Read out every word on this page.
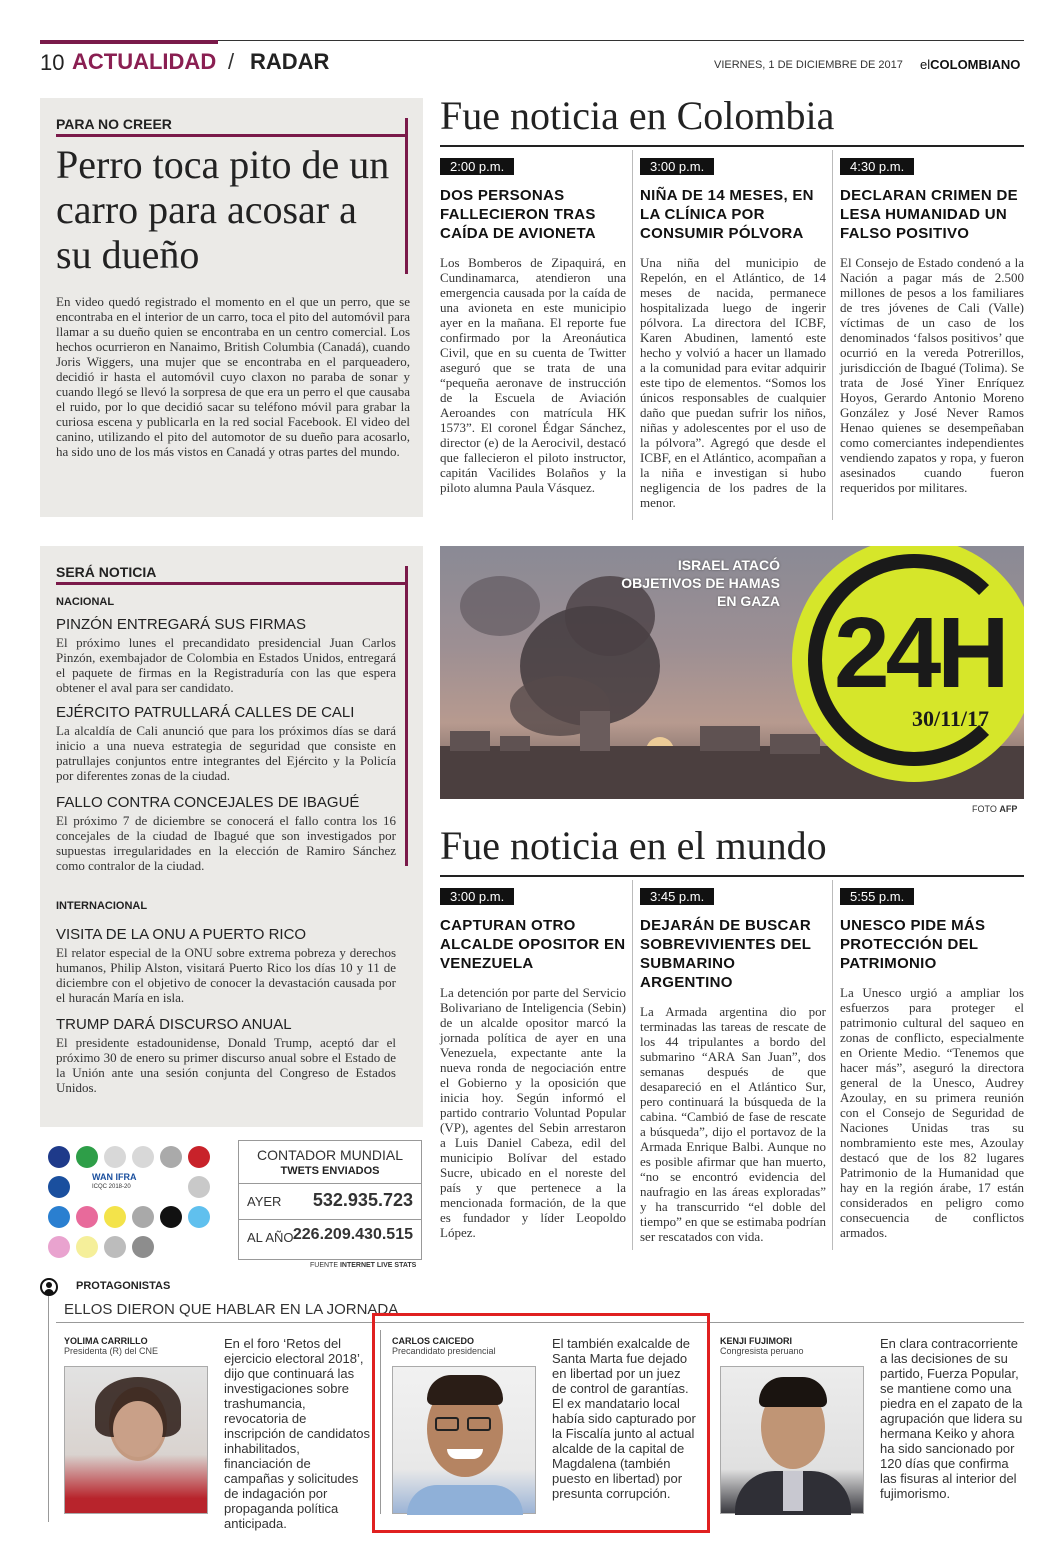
10 ACTUALIDAD / RADAR	VIERNES, 1 DE DICIEMBRE DE 2017 elCOLOMBIANO
PARA NO CREER
Perro toca pito de un carro para acosar a su dueño
En video quedó registrado el momento en el que un perro, que se encontraba en el interior de un carro, toca el pito del automóvil para llamar a su dueño quien se encontraba en un centro comercial. Los hechos ocurrieron en Nanaimo, British Columbia (Canadá), cuando Joris Wiggers, una mujer que se encontraba en el parqueadero, decidió ir hasta el automóvil cuyo claxon no paraba de sonar y cuando llegó se llevó la sorpresa de que era un perro el que causaba el ruido, por lo que decidió sacar su teléfono móvil para grabar la curiosa escena y publicarla en la red social Facebook. El video del canino, utilizando el pito del automotor de su dueño para acosarlo, ha sido uno de los más vistos en Canadá y otras partes del mundo.
Fue noticia en Colombia
2:00 p.m.
DOS PERSONAS FALLECIERON TRAS CAÍDA DE AVIONETA
Los Bomberos de Zipaquirá, en Cundinamarca, atendieron una emergencia causada por la caída de una avioneta en este municipio ayer en la mañana. El reporte fue confirmado por la Areonáutica Civil, que en su cuenta de Twitter aseguró que se trata de una “pequeña aeronave de instrucción de la Escuela de Aviación Aeroandes con matrícula HK 1573”. El coronel Édgar Sánchez, director (e) de la Aerocivil, destacó que fallecieron el piloto instructor, capitán Vacilides Bolaños y la piloto alumna Paula Vásquez.
3:00 p.m.
NIÑA DE 14 MESES, EN LA CLÍNICA POR CONSUMIR PÓLVORA
Una niña del municipio de Repelón, en el Atlántico, de 14 meses de nacida, permanece hospitalizada luego de ingerir pólvora. La directora del ICBF, Karen Abudinen, lamentó este hecho y volvió a hacer un llamado a la comunidad para evitar adquirir este tipo de elementos. “Somos los únicos responsables de cualquier daño que puedan sufrir los niños, niñas y adolescentes por el uso de la pólvora”. Agregó que desde el ICBF, en el Atlántico, acompañan a la niña e investigan si hubo negligencia de los padres de la menor.
4:30 p.m.
DECLARAN CRIMEN DE LESA HUMANIDAD UN FALSO POSITIVO
El Consejo de Estado condenó a la Nación a pagar más de 2.500 millones de pesos a los familiares de tres jóvenes de Cali (Valle) víctimas de un caso de los denominados ‘falsos positivos’ que ocurrió en la vereda Potrerillos, jurisdicción de Ibagué (Tolima). Se trata de José Yiner Enríquez Hoyos, Gerardo Antonio Moreno González y José Never Ramos Henao quienes se desempeñaban como comerciantes independientes vendiendo zapatos y ropa, y fueron asesinados cuando fueron requeridos por militares.
SERÁ NOTICIA
NACIONAL
PINZÓN ENTREGARÁ SUS FIRMAS
El próximo lunes el precandidato presidencial Juan Carlos Pinzón, exembajador de Colombia en Estados Unidos, entregará el paquete de firmas en la Registraduría con las que espera obtener el aval para ser candidato.
EJÉRCITO PATRULLARÁ CALLES DE CALI
La alcaldía de Cali anunció que para los próximos días se dará inicio a una nueva estrategia de seguridad que consiste en patrullajes conjuntos entre integrantes del Ejército y la Policía por diferentes zonas de la ciudad.
FALLO CONTRA CONCEJALES DE IBAGUÉ
El próximo 7 de diciembre se conocerá el fallo contra los 16 concejales de la ciudad de Ibagué que son investigados por supuestas irregularidades en la elección de Ramiro Sánchez como contralor de la ciudad.
INTERNACIONAL
VISITA DE LA ONU A PUERTO RICO
El relator especial de la ONU sobre extrema pobreza y derechos humanos, Philip Alston, visitará Puerto Rico los días 10 y 11 de diciembre con el objetivo de conocer la devastación causada por el huracán María en isla.
TRUMP DARÁ DISCURSO ANUAL
El presidente estadounidense, Donald Trump, aceptó dar el próximo 30 de enero su primer discurso anual sobre el Estado de la Unión ante una sesión conjunta del Congreso de Estados Unidos.
ISRAEL ATACÓ OBJETIVOS DE HAMAS EN GAZA 24H
30/11/17
FOTO AFP
Fue noticia en el mundo
3:00 p.m.
CAPTURAN OTRO ALCALDE OPOSITOR EN VENEZUELA
La detención por parte del Servicio Bolivariano de Inteligencia (Sebin) de un alcalde opositor marcó la jornada política de ayer en una Venezuela, expectante ante la nueva ronda de negociación entre el Gobierno y la oposición que inicia hoy. Según informó el partido contrario Voluntad Popular (VP), agentes del Sebin arrestaron a Luis Daniel Cabeza, edil del municipio Bolívar del estado Sucre, ubicado en el noreste del país y que pertenece a la mencionada formación, de la que es fundador y líder Leopoldo López.
3:45 p.m.
DEJARÁN DE BUSCAR SOBREVIVIENTES DEL SUBMARINO ARGENTINO
La Armada argentina dio por terminadas las tareas de rescate de los 44 tripulantes a bordo del submarino “ARA San Juan”, dos semanas después de que desapareció en el Atlántico Sur, pero continuará la búsqueda de la cabina. “Cambió de fase de rescate a búsqueda”, dijo el portavoz de la Armada Enrique Balbi. Aunque no es posible afirmar que han muerto, “no se encontró evidencia del naufragio en las áreas exploradas” y ha transcurrido “el doble del tiempo” en que se estimaba podrían ser rescatados con vida.
5:55 p.m.
UNESCO PIDE MÁS PROTECCIÓN DEL PATRIMONIO
La Unesco urgió a ampliar los esfuerzos para proteger el patrimonio cultural del saqueo en zonas de conflicto, especialmente en Oriente Medio. “Tenemos que hacer más”, aseguró la directora general de la Unesco, Audrey Azoulay, en su primera reunión con el Consejo de Seguridad de Naciones Unidas tras su nombramiento este mes, Azoulay destacó que de los 82 lugares Patrimonio de la Humanidad que hay en la región árabe, 17 están considerados en peligro como consecuencia de conflictos armados.
WAN IFRA
ICQC 2018-20
CONTADOR MUNDIAL
TWETS ENVIADOS
AYER 532.935.723
AL AÑO 226.209.430.515
FUENTE INTERNET LIVE STATS
PROTAGONISTAS
ELLOS DIERON QUE HABLAR EN LA JORNADA
YOLIMA CARRILLO
Presidenta (R) del CNE	En el foro ‘Retos del ejercicio electoral 2018’, dijo que continuará las investigaciones sobre trashumancia, revocatoria de inscripción de candidatos inhabilitados, financiación de campañas y solicitudes de indagación por propaganda política anticipada.
CARLOS CAICEDO
Precandidato presidencial	El también exalcalde de Santa Marta fue dejado en libertad por un juez de control de garantías. El ex mandatario local había sido capturado por la Fiscalía junto al actual alcalde de la capital de Magdalena (también puesto en libertad) por presunta corrupción.
KENJI FUJIMORI
Congresista peruano	En clara contracorriente a las decisiones de su partido, Fuerza Popular, se mantiene como una piedra en el zapato de la agrupación que lidera su hermana Keiko y ahora ha sido sancionado por 120 días que confirma las fisuras al interior del fujimorismo.
